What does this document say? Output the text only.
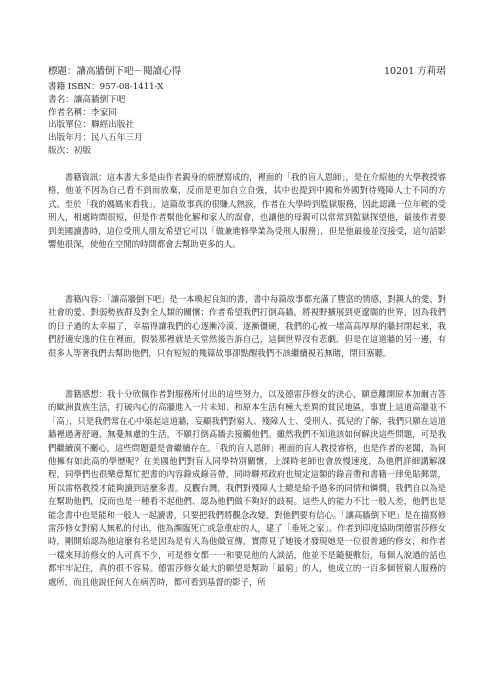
標題：讓高牆倒下吧－閱讀心得	10201 方莉珺
書籍 ISBN：957-08-1411-X
書名：讓高牆倒下吧
作者名稱：李家同
出版單位：聯經出版社
出版年月：民八五年三月
版次：初版

書籍資訊：這本書大多是由作者親身的經歷寫成的，裡面的「我的盲人恩師」，是在介紹他的大學教授睿格，他並不因為自己看不到而放棄，反而是更加自立自強，其中也提到中國和外國對待殘障人士不同的方式。至於「我的媽媽來看我」，這篇故事真的很賺人熱淚，作者在大學時到監獄服務，因此認識一位年輕的受刑人，相處時間很短，但是作者幫他化解和家人的誤會，也讓他的母親可以常常到監獄探望他，最後作者要到美國讀書時，這位受刑人朋友希望它可以「做兼進修學業為受刑人服務」，但是他最後並沒接受，這句話影響他很深，使他在空閒的時間都會去幫助更多的人。

書籍內容：「讓高牆倒下吧」是一本喚起良知的書，書中每篇故事都充滿了豐富的情感，對親人的愛、對社會的愛、對弱勢族群及對全人類的關懷；作者希望我們打倒高牆，將視野擴展到更遼闊的世界，因為我們的日子過的太幸福了，幸福得讓我們的心逐漸冷漠、逐漸僵硬，我們的心被一堵高高厚厚的牆封閉起來，我們舒適安逸的住在裡面，假裝那裡就是天堂然後告訴自己，這個世界沒有悲劇。但是在這道牆的另一邊，有很多人等著我們去幫助他們，只有短短的幾篇故事卻點醒我們不該繼續視若無睹，閉目塞聽。

書籍感想：我十分欣佩作者對服務所付出的這些努力，以及德雷莎修女的決心，願意離開原本加爾吉答的歐洲貴族生活，打破內心的高牆進入一片未知、和原本生活有極大差異的貧民地區，事實上這道高牆並不「高」，只是我們常在心中築起這道牆，妄顧我們對窮人、殘障人士、受刑人、孤兒的了解，我們只願在這道牆裡過著舒適、無憂無慮的生活，不願打倒高牆去接觸他們。雖然我們不知道該如何解決這些問題，可是我們繼續漠不關心，這些問題還是會繼續存在。「我的盲人恩師」裡面的盲人教授睿格，也是作者的老闆，為何他擁有如此高的學歷呢？在美國他們對盲人同學特別關懷，上課時老師也會放慢速度，為他們詳細講解課程，同學們也很樂意幫忙把書的內容錄成錄音帶，同時聯邦政府也規定這類的錄音帶和書籍一律免貼郵票，所以雷格教授才能夠讀到這麼多書。反觀台灣，我們對殘障人士總是給予過多的同情和憐憫，我們自以為是在幫助他們，反而也是一種看不起他們、認為他們做不夠好的歧視。這些人的能力不比一般人差，他們也是能念書中也是能和一般人一起讀書，只要把我們將觀念改變，對他們要有信心。「讓高牆倒下吧」是在描寫修雷莎修女對窮人無私的付出，他為瀕臨死亡或急重症的人，建了「垂死之家」。作者到印度協助閉德雷莎修女時，剛開始認為他這麼有名是因為是有人為他做宣傳，實際見了她後才發現她是一位很普通的修女，和作者一樣來拜訪修女的人可真不少，可是修女都一一和要見他的人談話，他並不是隨便敷衍，每個人說過的話也都牢牢記住，真的很不容易。德雷莎修女最大的願望是幫助「最窮」的人，他成立的一百多個替窮人服務的處所，而且他說任何人在病苦時，都可看到基督的影子，所
